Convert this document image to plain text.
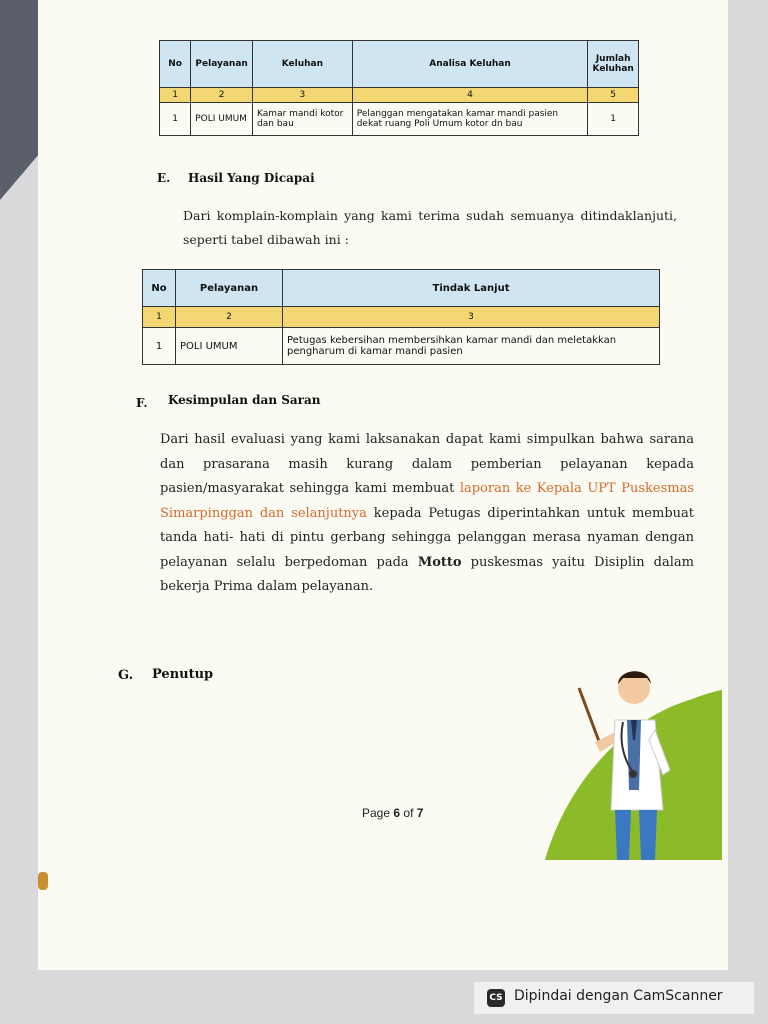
No	Pelayanan	Keluhan	Analisa Keluhan	Jumlah Keluhan
1	2	3	4	5
1	POLI UMUM	Kamar mandi kotor dan bau	Pelanggan mengatakan kamar mandi pasien dekat ruang Poli Umum kotor dn bau	1
E. Hasil Yang Dicapai
Dari komplain-komplain yang kami terima sudah semuanya ditindaklanjuti, seperti tabel dibawah ini :
No	Pelayanan	Tindak Lanjut
1	2	3
1	POLI UMUM	Petugas kebersihan membersihkan kamar mandi dan meletakkan pengharum di kamar mandi pasien
F. Kesimpulan dan Saran
Dari hasil evaluasi yang kami laksanakan dapat kami simpulkan bahwa sarana dan prasarana masih kurang dalam pemberian pelayanan kepada pasien/masyarakat sehingga kami membuat laporan ke Kepala UPT Puskesmas Simarpinggan dan selanjutnya kepada Petugas diperintahkan untuk membuat tanda hati- hati di pintu gerbang sehingga pelanggan merasa nyaman dengan pelayanan selalu berpedoman pada Motto puskesmas yaitu Disiplin dalam bekerja Prima dalam pelayanan.
G. Penutup
Page 6 of 7
CS Dipindai dengan CamScanner
